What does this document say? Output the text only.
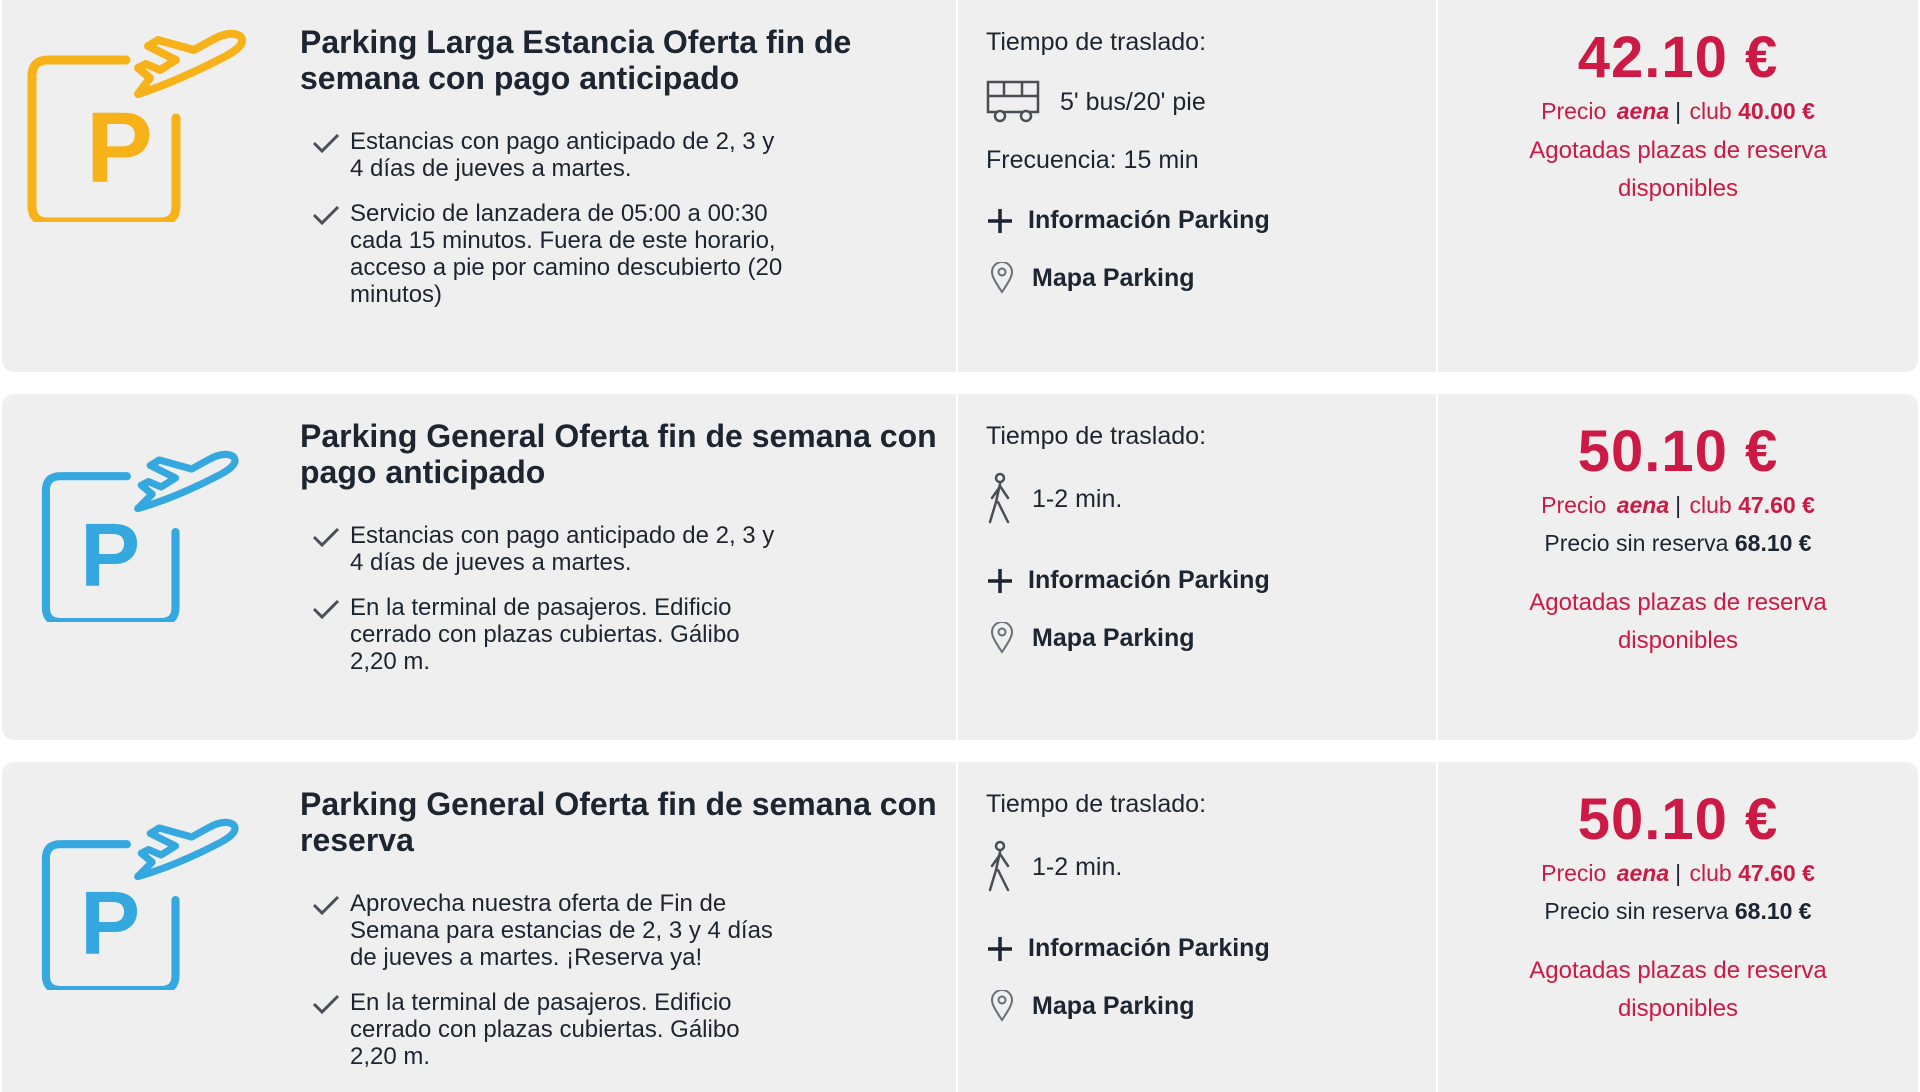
P
Parking Larga Estancia Oferta fin de semana con pago anticipado
Estancias con pago anticipado de 2, 3 y 4 días de jueves a martes.
Servicio de lanzadera de 05:00 a 00:30 cada 15 minutos. Fuera de este horario, acceso a pie por camino descubierto (20 minutos)
Tiempo de traslado:
5' bus/20' pie
Frecuencia: 15 min
Información Parking
Mapa Parking
42.10 €
Precio aena | club 40.00 €
Agotadas plazas de reserva
disponibles
P
Parking General Oferta fin de semana con pago anticipado
Estancias con pago anticipado de 2, 3 y 4 días de jueves a martes.
En la terminal de pasajeros. Edificio cerrado con plazas cubiertas. Gálibo 2,20 m.
Tiempo de traslado:
1-2 min.
Información Parking
Mapa Parking
50.10 €
Precio aena | club 47.60 €
Precio sin reserva 68.10 €
Agotadas plazas de reserva
disponibles
P
Parking General Oferta fin de semana con reserva
Aprovecha nuestra oferta de Fin de Semana para estancias de 2, 3 y 4 días de jueves a martes. ¡Reserva ya!
En la terminal de pasajeros. Edificio cerrado con plazas cubiertas. Gálibo 2,20 m.
Tiempo de traslado:
1-2 min.
Información Parking
Mapa Parking
50.10 €
Precio aena | club 47.60 €
Precio sin reserva 68.10 €
Agotadas plazas de reserva
disponibles
